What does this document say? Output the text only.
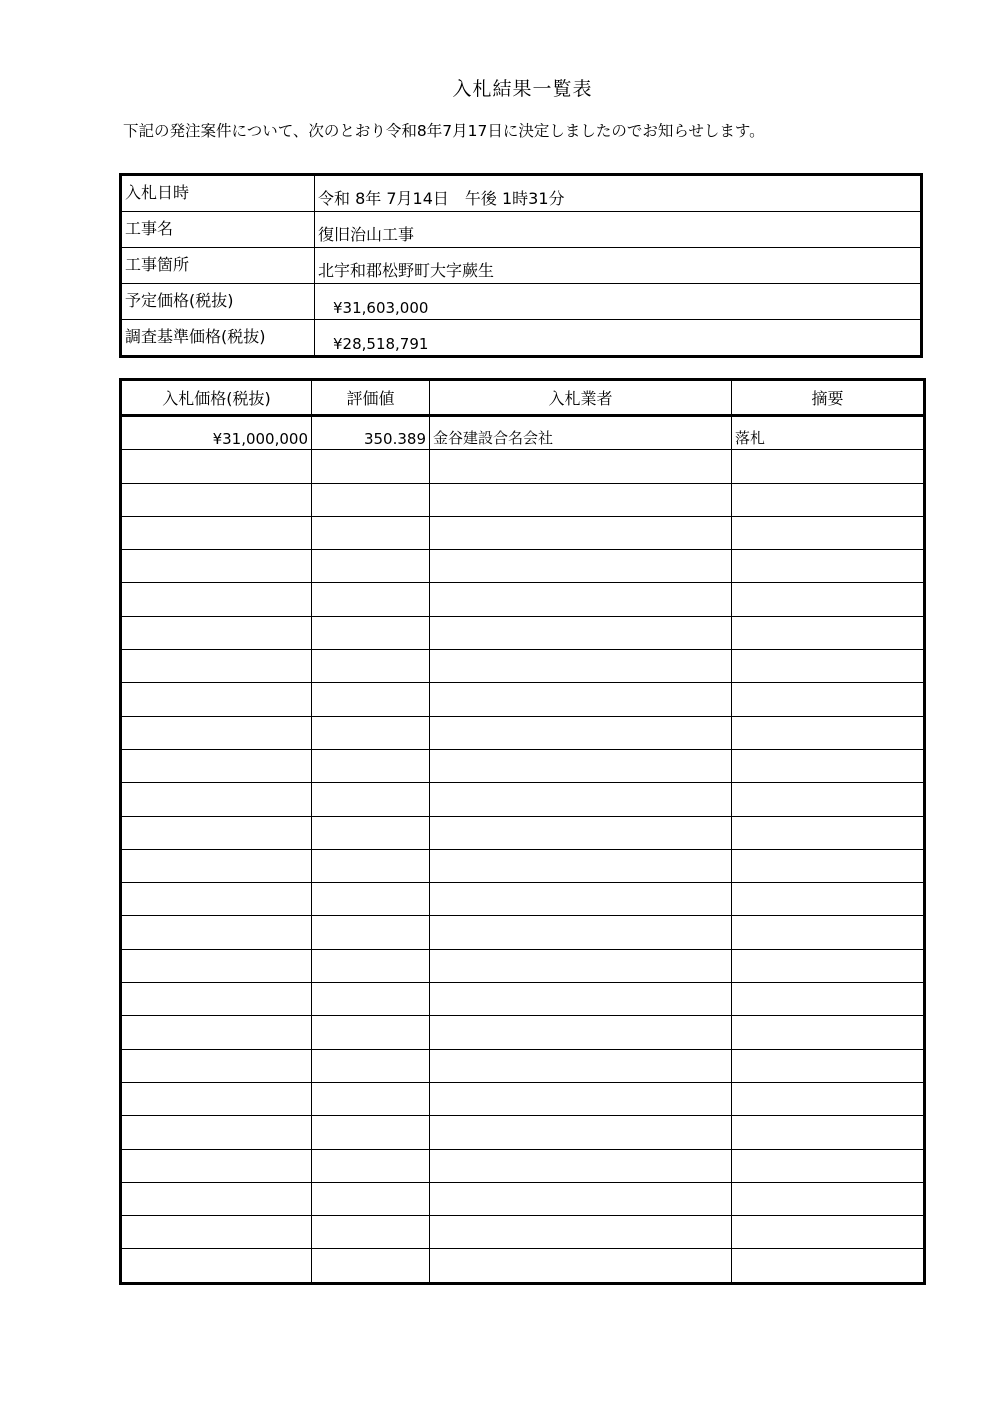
入札結果一覧表
下記の発注案件について、次のとおり令和8年7月17日に決定しましたのでお知らせします。
入札日時	令和 8年 7月14日　午後 1時31分
工事名	復旧治山工事
工事箇所	北宇和郡松野町大字蕨生
予定価格(税抜)	¥31,603,000
調査基準価格(税抜)	¥28,518,791
入札価格(税抜)	評価値	入札業者	摘要
¥31,000,000	350.389	金谷建設合名会社	落札
